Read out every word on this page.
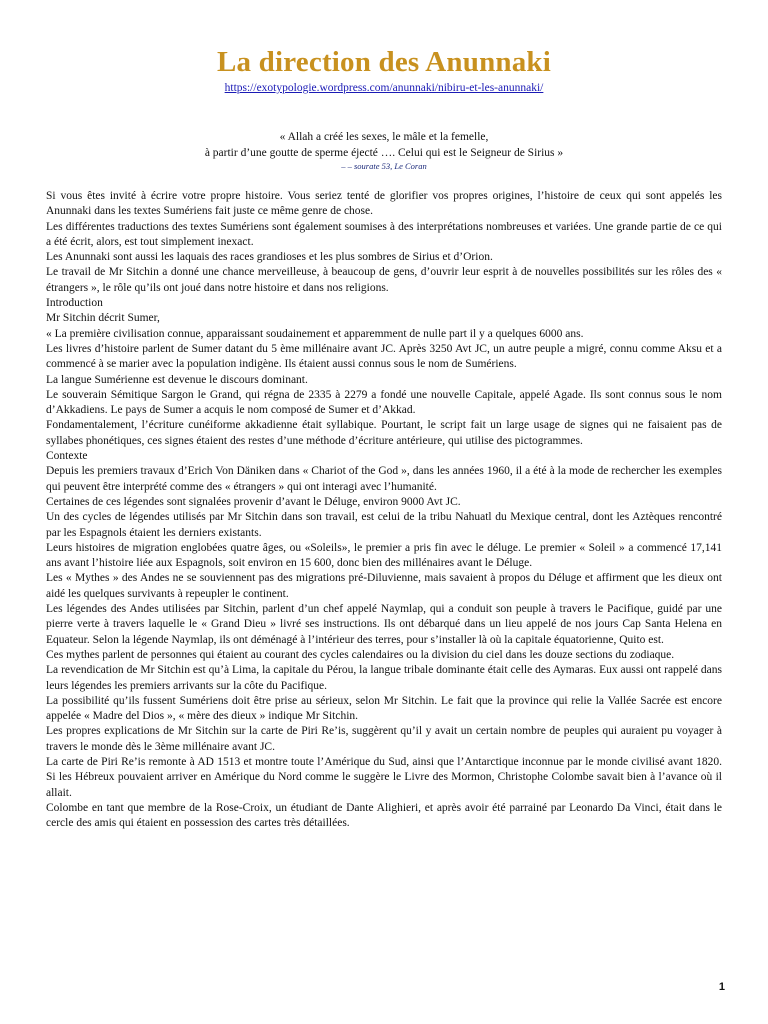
La direction des Anunnaki
https://exotypologie.wordpress.com/anunnaki/nibiru-et-les-anunnaki/
« Allah a créé les sexes, le mâle et la femelle,
à partir d’une goutte de sperme éjecté …. Celui qui est le Seigneur de Sirius »
– – sourate 53, Le Coran

Si vous êtes invité à écrire votre propre histoire. Vous seriez tenté de glorifier vos propres origines, l’histoire de ceux qui sont appelés les Anunnaki dans les textes Sumériens fait juste ce même genre de chose.

Les différentes traductions des textes Sumériens sont également soumises à des interprétations nombreuses et variées. Une grande partie de ce qui a été écrit, alors, est tout simplement inexact.

Les Anunnaki sont aussi les laquais des races grandioses et les plus sombres de Sirius et d’Orion.

Le travail de Mr Sitchin a donné une chance merveilleuse, à beaucoup de gens, d’ouvrir leur esprit à de nouvelles possibilités sur les rôles des « étrangers », le rôle qu’ils ont joué dans notre histoire et dans nos religions.

Introduction

Mr Sitchin décrit Sumer,

« La première civilisation connue, apparaissant soudainement et apparemment de nulle part il y a quelques 6000 ans.

Les livres d’histoire parlent de Sumer datant du 5 ème millénaire avant JC. Après 3250 Avt JC, un autre peuple a migré, connu comme Aksu et a commencé à se marier avec la population indigène. Ils étaient aussi connus sous le nom de Sumériens.

La langue Sumérienne est devenue le discours dominant.

Le souverain Sémitique Sargon le Grand, qui régna de 2335 à 2279 a fondé une nouvelle Capitale, appelé Agade. Ils sont connus sous le nom d’Akkadiens. Le pays de Sumer a acquis le nom composé de Sumer et d’Akkad.

Fondamentalement, l’écriture cunéiforme akkadienne était syllabique. Pourtant, le script fait un large usage de signes qui ne faisaient pas de syllabes phonétiques, ces signes étaient des restes d’une méthode d’écriture antérieure, qui utilise des pictogrammes.

Contexte

Depuis les premiers travaux d’Erich Von Däniken dans « Chariot of the God », dans les années 1960, il a été à la mode de rechercher les exemples qui peuvent être interprété comme des « étrangers » qui ont interagi avec l’humanité.

Certaines de ces légendes sont signalées provenir d’avant le Déluge, environ 9000 Avt JC.

Un des cycles de légendes utilisés par Mr Sitchin dans son travail, est celui de la tribu Nahuatl du Mexique central, dont les Aztèques rencontré par les Espagnols étaient les derniers existants.

Leurs histoires de migration englobées quatre âges, ou «Soleils», le premier a pris fin avec le déluge. Le premier « Soleil » a commencé 17,141 ans avant l’histoire liée aux Espagnols, soit environ en 15 600, donc bien des millénaires avant le Déluge.

Les « Mythes » des Andes ne se souviennent pas des migrations pré-Diluvienne, mais savaient à propos du Déluge et affirment que les dieux ont aidé les quelques survivants à repeupler le continent.

Les légendes des Andes utilisées par Sitchin, parlent d’un chef appelé Naymlap, qui a conduit son peuple à travers le Pacifique, guidé par une pierre verte à travers laquelle le « Grand Dieu » livré ses instructions. Ils ont débarqué dans un lieu appelé de nos jours Cap Santa Helena en Equateur. Selon la légende Naymlap, ils ont déménagé à l’intérieur des terres, pour s’installer là où la capitale équatorienne, Quito est.

Ces mythes parlent de personnes qui étaient au courant des cycles calendaires ou la division du ciel dans les douze sections du zodiaque.

La revendication de Mr Sitchin est qu’à Lima, la capitale du Pérou, la langue tribale dominante était celle des Aymaras. Eux aussi ont rappelé dans leurs légendes les premiers arrivants sur la côte du Pacifique.

La possibilité qu’ils fussent Sumériens doit être prise au sérieux, selon Mr Sitchin. Le fait que la province qui relie la Vallée Sacrée est encore appelée « Madre del Dios », « mère des dieux » indique Mr Sitchin.

Les propres explications de Mr Sitchin sur la carte de Piri Re’is, suggèrent qu’il y avait un certain nombre de peuples qui auraient pu voyager à travers le monde dès le 3ème millénaire avant JC.

La carte de Piri Re’is remonte à AD 1513 et montre toute l’Amérique du Sud, ainsi que l’Antarctique inconnue par le monde civilisé avant 1820. Si les Hébreux pouvaient arriver en Amérique du Nord comme le suggère le Livre des Mormon, Christophe Colombe savait bien à l’avance où il allait.

Colombe en tant que membre de la Rose-Croix, un étudiant de Dante Alighieri, et après avoir été parrainé par Leonardo Da Vinci, était dans le cercle des amis qui étaient en possession des cartes très détaillées.

1
